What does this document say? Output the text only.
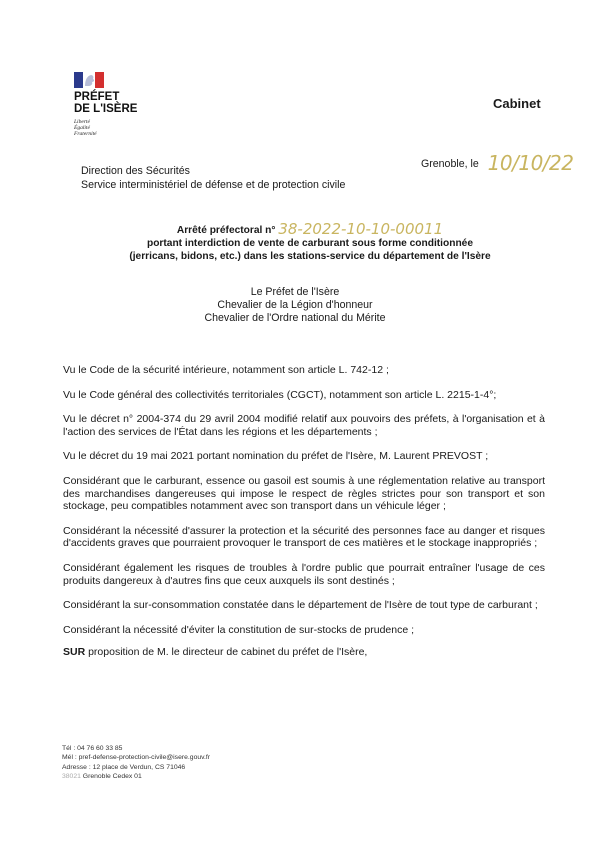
PRÉFET
DE L'ISÈRE
Liberté
Égalité
Fraternité
Cabinet
Grenoble, le 10/10/22
Direction des Sécurités
Service interministériel de défense et de protection civile
Arrêté préfectoral n° 38-2022-10-10-00011
portant interdiction de vente de carburant sous forme conditionnée
(jerricans, bidons, etc.) dans les stations-service du département de l'Isère
Le Préfet de l'Isère
Chevalier de la Légion d'honneur
Chevalier de l'Ordre national du Mérite

Vu le Code de la sécurité intérieure, notamment son article L. 742-12 ;

Vu le Code général des collectivités territoriales (CGCT), notamment son article L. 2215-1-4°;

Vu le décret n° 2004-374 du 29 avril 2004 modifié relatif aux pouvoirs des préfets, à l'organisation et à l'action des services de l'État dans les régions et les départements ;

Vu le décret du 19 mai 2021 portant nomination du préfet de l'Isère, M. Laurent PREVOST ;

Considérant que le carburant, essence ou gasoil est soumis à une réglementation relative au transport des marchandises dangereuses qui impose le respect de règles strictes pour son transport et son stockage, peu compatibles notamment avec son transport dans un véhicule léger ;

Considérant la nécessité d'assurer la protection et la sécurité des personnes face au danger et risques d'accidents graves que pourraient provoquer le transport de ces matières et le stockage inappropriés ;

Considérant également les risques de troubles à l'ordre public que pourrait entraîner l'usage de ces produits dangereux à d'autres fins que ceux auxquels ils sont destinés ;

Considérant la sur-consommation constatée dans le département de l'Isère de tout type de carburant ;

Considérant la nécessité d'éviter la constitution de sur-stocks de prudence ;

SUR proposition de M. le directeur de cabinet du préfet de l'Isère,

Tél : 04 76 60 33 85
Mél : pref-defense-protection-civile@isere.gouv.fr
Adresse : 12 place de Verdun, CS 71046
38021 Grenoble Cedex 01
